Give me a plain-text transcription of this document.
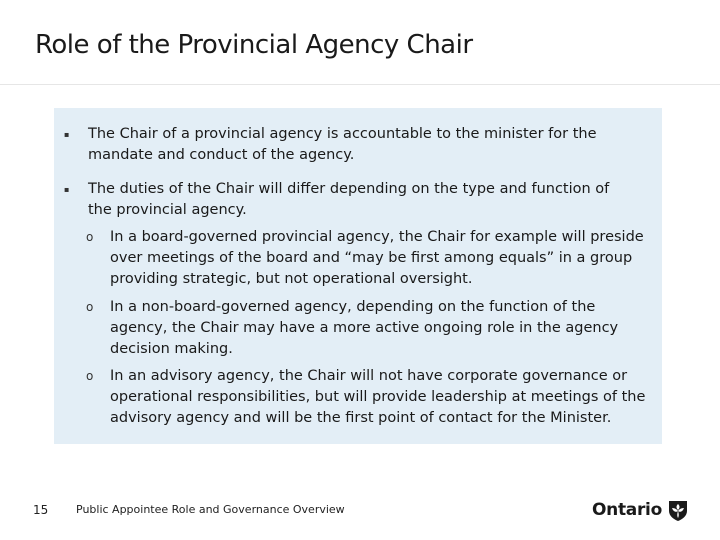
Role of the Provincial Agency Chair
▪	The Chair of a provincial agency is accountable to the minister for the mandate and conduct of the agency.
▪	The duties of the Chair will differ depending on the type and function of the provincial agency.
o	In a board-governed provincial agency, the Chair for example will preside over meetings of the board and “may be first among equals” in a group providing strategic, but not operational oversight.
o	In a non-board-governed agency, depending on the function of the agency, the Chair may have a more active ongoing role in the agency decision making.
o	In an advisory agency, the Chair will not have corporate governance or operational responsibilities, but will provide leadership at meetings of the advisory agency and will be the first point of contact for the Minister.
15	Public Appointee Role and Governance Overview	Ontario
